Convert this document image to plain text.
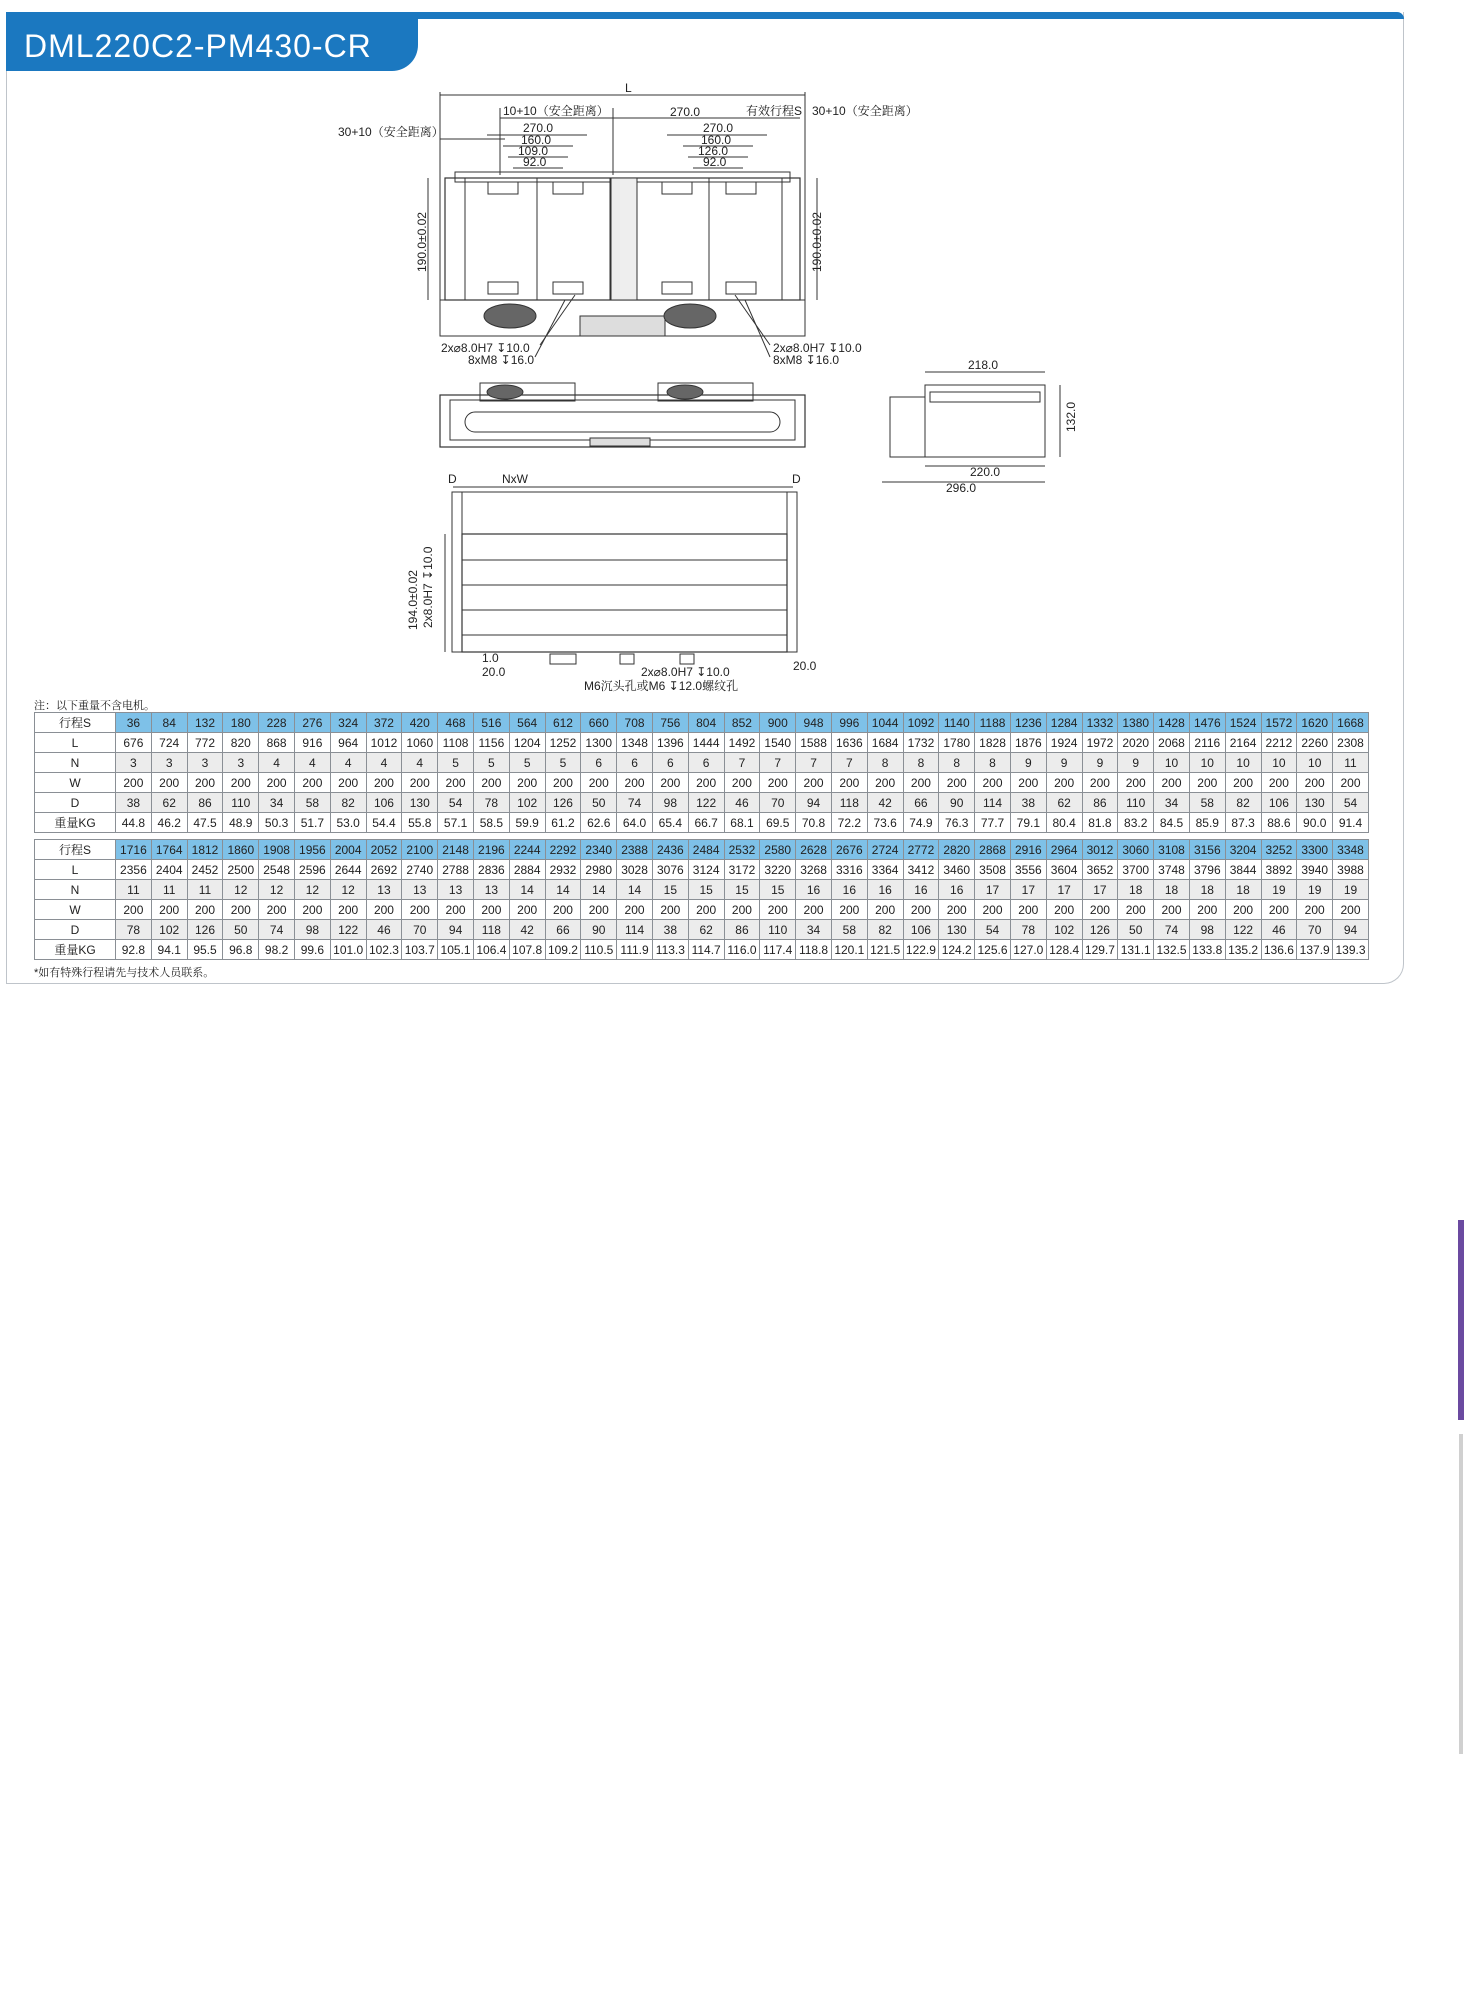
DML220C2-PM430-CR
L
10+10（安全距离）	270.0	有效行程S 30+10（安全距离）
30+10（安全距离）	270.0
160.0
109.0
92.0
270.0
160.0
126.0
92.0
190.0±0.02	190.0±0.02
2x⌀8.0H7 ↧10.0
8xM8 ↧16.0
2x⌀8.0H7 ↧10.0
8xM8 ↧16.0	218.0
220.0
296.0
132.0
D	NxW	D
194.0±0.02 2x8.0H7 ↧10.0
1.0
20.0	20.0
2x⌀8.0H7 ↧10.0
M6沉头孔或M6 ↧12.0螺纹孔
注：以下重量不含电机。
行程S	36	84	132	180	228	276	324	372	420	468	516	564	612	660	708	756	804	852	900	948	996	1044	1092	1140	1188	1236	1284	1332	1380	1428	1476	1524	1572	1620	1668
L	676	724	772	820	868	916	964	1012	1060	1108	1156	1204	1252	1300	1348	1396	1444	1492	1540	1588	1636	1684	1732	1780	1828	1876	1924	1972	2020	2068	2116	2164	2212	2260	2308
N	3	3	3	3	4	4	4	4	4	5	5	5	5	6	6	6	6	7	7	7	7	8	8	8	8	9	9	9	9	10	10	10	10	10	11
W	200	200	200	200	200	200	200	200	200	200	200	200	200	200	200	200	200	200	200	200	200	200	200	200	200	200	200	200	200	200	200	200	200	200	200
D	38	62	86	110	34	58	82	106	130	54	78	102	126	50	74	98	122	46	70	94	118	42	66	90	114	38	62	86	110	34	58	82	106	130	54
重量KG	44.8	46.2	47.5	48.9	50.3	51.7	53.0	54.4	55.8	57.1	58.5	59.9	61.2	62.6	64.0	65.4	66.7	68.1	69.5	70.8	72.2	73.6	74.9	76.3	77.7	79.1	80.4	81.8	83.2	84.5	85.9	87.3	88.6	90.0	91.4
行程S	1716	1764	1812	1860	1908	1956	2004	2052	2100	2148	2196	2244	2292	2340	2388	2436	2484	2532	2580	2628	2676	2724	2772	2820	2868	2916	2964	3012	3060	3108	3156	3204	3252	3300	3348
L	2356	2404	2452	2500	2548	2596	2644	2692	2740	2788	2836	2884	2932	2980	3028	3076	3124	3172	3220	3268	3316	3364	3412	3460	3508	3556	3604	3652	3700	3748	3796	3844	3892	3940	3988
N	11	11	11	12	12	12	12	13	13	13	13	14	14	14	14	15	15	15	15	16	16	16	16	16	17	17	17	17	18	18	18	18	19	19	19
W	200	200	200	200	200	200	200	200	200	200	200	200	200	200	200	200	200	200	200	200	200	200	200	200	200	200	200	200	200	200	200	200	200	200	200
D	78	102	126	50	74	98	122	46	70	94	118	42	66	90	114	38	62	86	110	34	58	82	106	130	54	78	102	126	50	74	98	122	46	70	94
重量KG	92.8	94.1	95.5	96.8	98.2	99.6	101.0	102.3	103.7	105.1	106.4	107.8	109.2	110.5	111.9	113.3	114.7	116.0	117.4	118.8	120.1	121.5	122.9	124.2	125.6	127.0	128.4	129.7	131.1	132.5	133.8	135.2	136.6	137.9	139.3
*如有特殊行程请先与技术人员联系。
